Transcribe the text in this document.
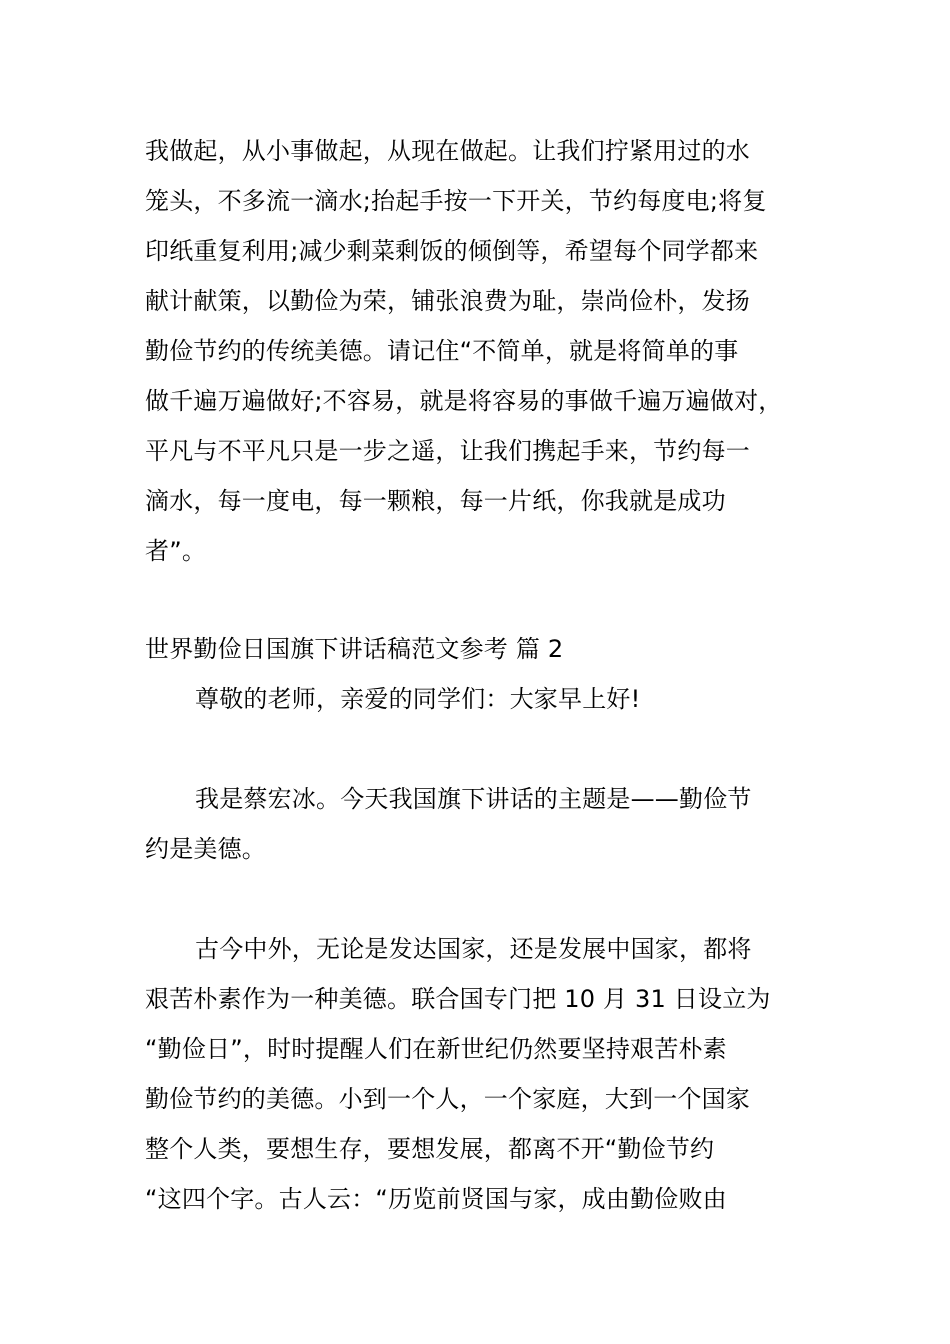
我做起，从小事做起，从现在做起。让我们拧紧用过的水
笼头，不多流一滴水;抬起手按一下开关，节约每度电;将复
印纸重复利用;减少剩菜剩饭的倾倒等，希望每个同学都来
献计献策，以勤俭为荣，铺张浪费为耻，崇尚俭朴，发扬
勤俭节约的传统美德。请记住“不简单，就是将简单的事
做千遍万遍做好;不容易，就是将容易的事做千遍万遍做对，
平凡与不平凡只是一步之遥，让我们携起手来，节约每一
滴水，每一度电，每一颗粮，每一片纸，你我就是成功
者”。
世界勤俭日国旗下讲话稿范文参考 篇 2
尊敬的老师，亲爱的同学们：大家早上好!
我是蔡宏冰。今天我国旗下讲话的主题是——勤俭节
约是美德。
古今中外，无论是发达国家，还是发展中国家，都将
艰苦朴素作为一种美德。联合国专门把 10 月 31 日设立为
“勤俭日”，时时提醒人们在新世纪仍然要坚持艰苦朴素
勤俭节约的美德。小到一个人，一个家庭，大到一个国家
整个人类，要想生存，要想发展，都离不开“勤俭节约
“这四个字。古人云：“历览前贤国与家，成由勤俭败由
